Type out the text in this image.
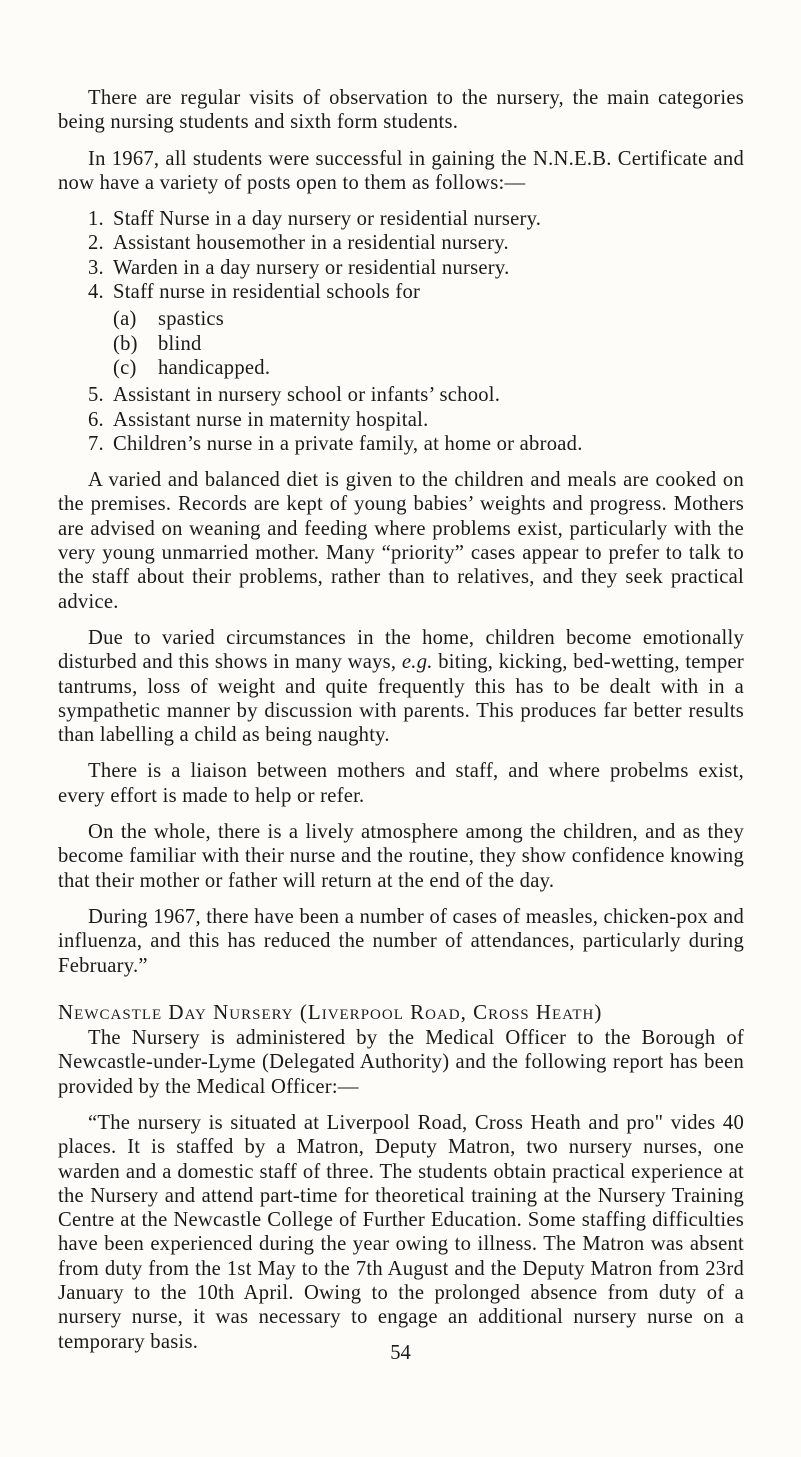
There are regular visits of observation to the nursery, the main categories being nursing students and sixth form students.

In 1967, all students were successful in gaining the N.N.E.B. Certificate and now have a variety of posts open to them as follows:—

1. Staff Nurse in a day nursery or residential nursery.
2. Assistant housemother in a residential nursery.
3. Warden in a day nursery or residential nursery.
4. Staff nurse in residential schools for
(a) spastics
(b) blind
(c) handicapped.
5. Assistant in nursery school or infants’ school.
6. Assistant nurse in maternity hospital.
7. Children’s nurse in a private family, at home or abroad.

A varied and balanced diet is given to the children and meals are cooked on the premises. Records are kept of young babies’ weights and progress. Mothers are advised on weaning and feeding where problems exist, particularly with the very young unmarried mother. Many “priority” cases appear to prefer to talk to the staff about their problems, rather than to relatives, and they seek practical advice.

Due to varied circumstances in the home, children become emotionally disturbed and this shows in many ways, e.g. biting, kicking, bed-wetting, temper tantrums, loss of weight and quite frequently this has to be dealt with in a sympathetic manner by discussion with parents. This produces far better results than labelling a child as being naughty.

There is a liaison between mothers and staff, and where probelms exist, every effort is made to help or refer.

On the whole, there is a lively atmosphere among the children, and as they become familiar with their nurse and the routine, they show confidence knowing that their mother or father will return at the end of the day.

During 1967, there have been a number of cases of measles, chicken-pox and influenza, and this has reduced the number of attendances, particularly during February.”

Newcastle Day Nursery (Liverpool Road, Cross Heath)

The Nursery is administered by the Medical Officer to the Borough of Newcastle-under-Lyme (Delegated Authority) and the following report has been provided by the Medical Officer:—

“The nursery is situated at Liverpool Road, Cross Heath and pro" vides 40 places. It is staffed by a Matron, Deputy Matron, two nursery nurses, one warden and a domestic staff of three. The students obtain practical experience at the Nursery and attend part-time for theoretical training at the Nursery Training Centre at the Newcastle College of Further Education. Some staffing difficulties have been experienced during the year owing to illness. The Matron was absent from duty from the 1st May to the 7th August and the Deputy Matron from 23rd January to the 10th April. Owing to the prolonged absence from duty of a nursery nurse, it was necessary to engage an additional nursery nurse on a temporary basis.

54
